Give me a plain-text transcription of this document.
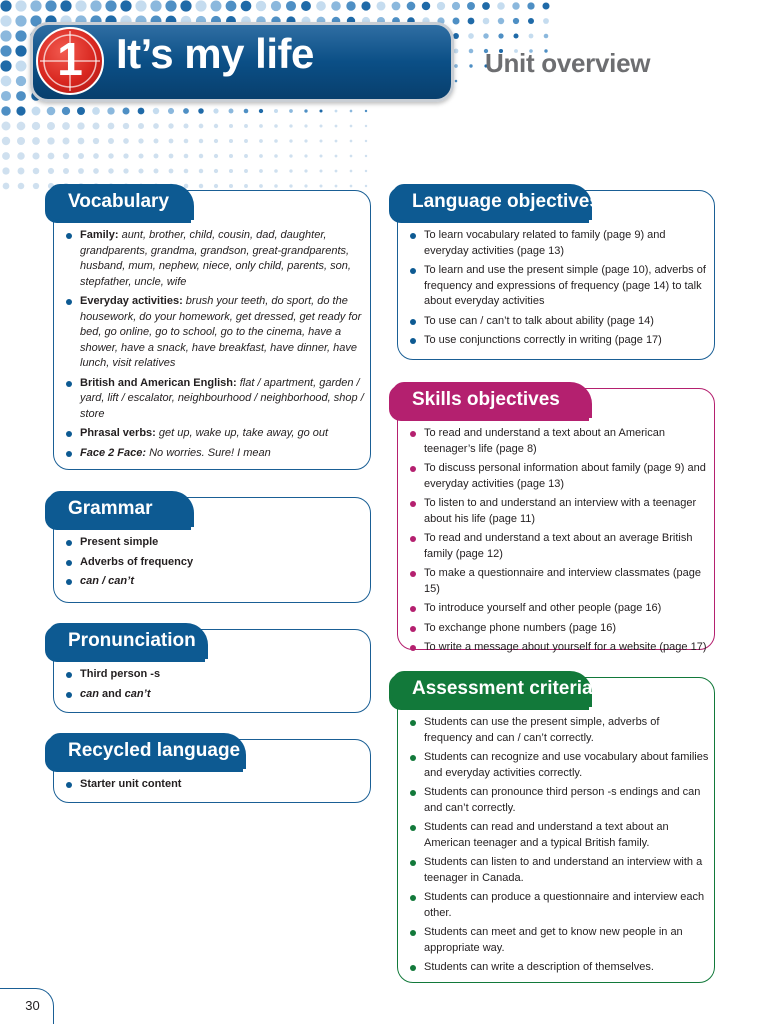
1 It’s my life	Unit overview
Vocabulary
Family: aunt, brother, child, cousin, dad, daughter, grandparents, grandma, grandson, great-grandparents, husband, mum, nephew, niece, only child, parents, son, stepfather, uncle, wife
Everyday activities: brush your teeth, do sport, do the housework, do your homework, get dressed, get ready for bed, go online, go to school, go to the cinema, have a shower, have a snack, have breakfast, have dinner, have lunch, visit relatives
British and American English: flat / apartment, garden / yard, lift / escalator, neighbourhood / neighborhood, shop / store
Phrasal verbs: get up, wake up, take away, go out
Face 2 Face: No worries. Sure! I mean
Grammar
Present simple
Adverbs of frequency
can / can’t
Pronunciation
Third person -s
can and can’t
Recycled language
Starter unit content
Language objectives
To learn vocabulary related to family (page 9) and everyday activities (page 13)
To learn and use the present simple (page 10), adverbs of frequency and expressions of frequency (page 14) to talk about everyday activities
To use can / can’t to talk about ability (page 14)
To use conjunctions correctly in writing (page 17)
Skills objectives
To read and understand a text about an American teenager’s life (page 8)
To discuss personal information about family (page 9) and everyday activities (page 13)
To listen to and understand an interview with a teenager about his life (page 11)
To read and understand a text about an average British family (page 12)
To make a questionnaire and interview classmates (page 15)
To introduce yourself and other people (page 16)
To exchange phone numbers (page 16)
To write a message about yourself for a website (page 17)
Assessment criteria
Students can use the present simple, adverbs of frequency and can / can’t correctly.
Students can recognize and use vocabulary about families and everyday activities correctly.
Students can pronounce third person -s endings and can and can’t correctly.
Students can read and understand a text about an American teenager and a typical British family.
Students can listen to and understand an interview with a teenager in Canada.
Students can produce a questionnaire and interview each other.
Students can meet and get to know new people in an appropriate way.
Students can write a description of themselves.
30
